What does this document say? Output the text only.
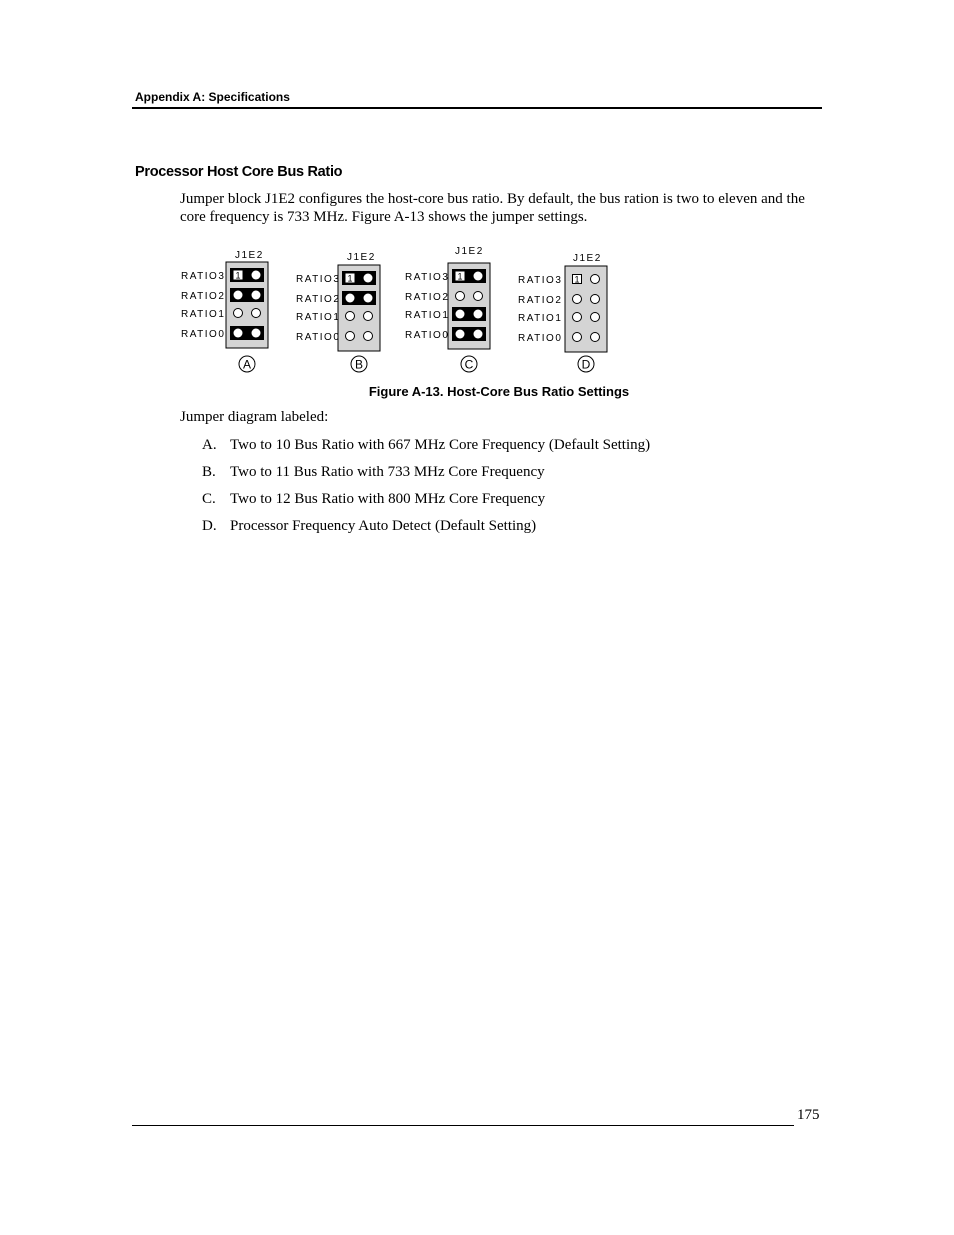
Appendix A: Specifications
Processor Host Core Bus Ratio

Jumper block J1E2 configures the host-core bus ratio. By default, the bus ration is two to eleven and the core frequency is 733 MHz. Figure A-13 shows the jumper settings.

J1E2
RATIO3 1
RATIO2
RATIO1
RATIO0
A
J1E2
RATIO3 1
RATIO2
RATIO1
RATIO0
B
J1E2
RATIO3 1
RATIO2
RATIO1
RATIO0
C
J1E2
RATIO3 1
RATIO2
RATIO1
RATIO0
D
Figure A-13. Host-Core Bus Ratio Settings
Jumper diagram labeled:
A. Two to 10 Bus Ratio with 667 MHz Core Frequency (Default Setting)
B. Two to 11 Bus Ratio with 733 MHz Core Frequency
C. Two to 12 Bus Ratio with 800 MHz Core Frequency
D. Processor Frequency Auto Detect (Default Setting)
175
